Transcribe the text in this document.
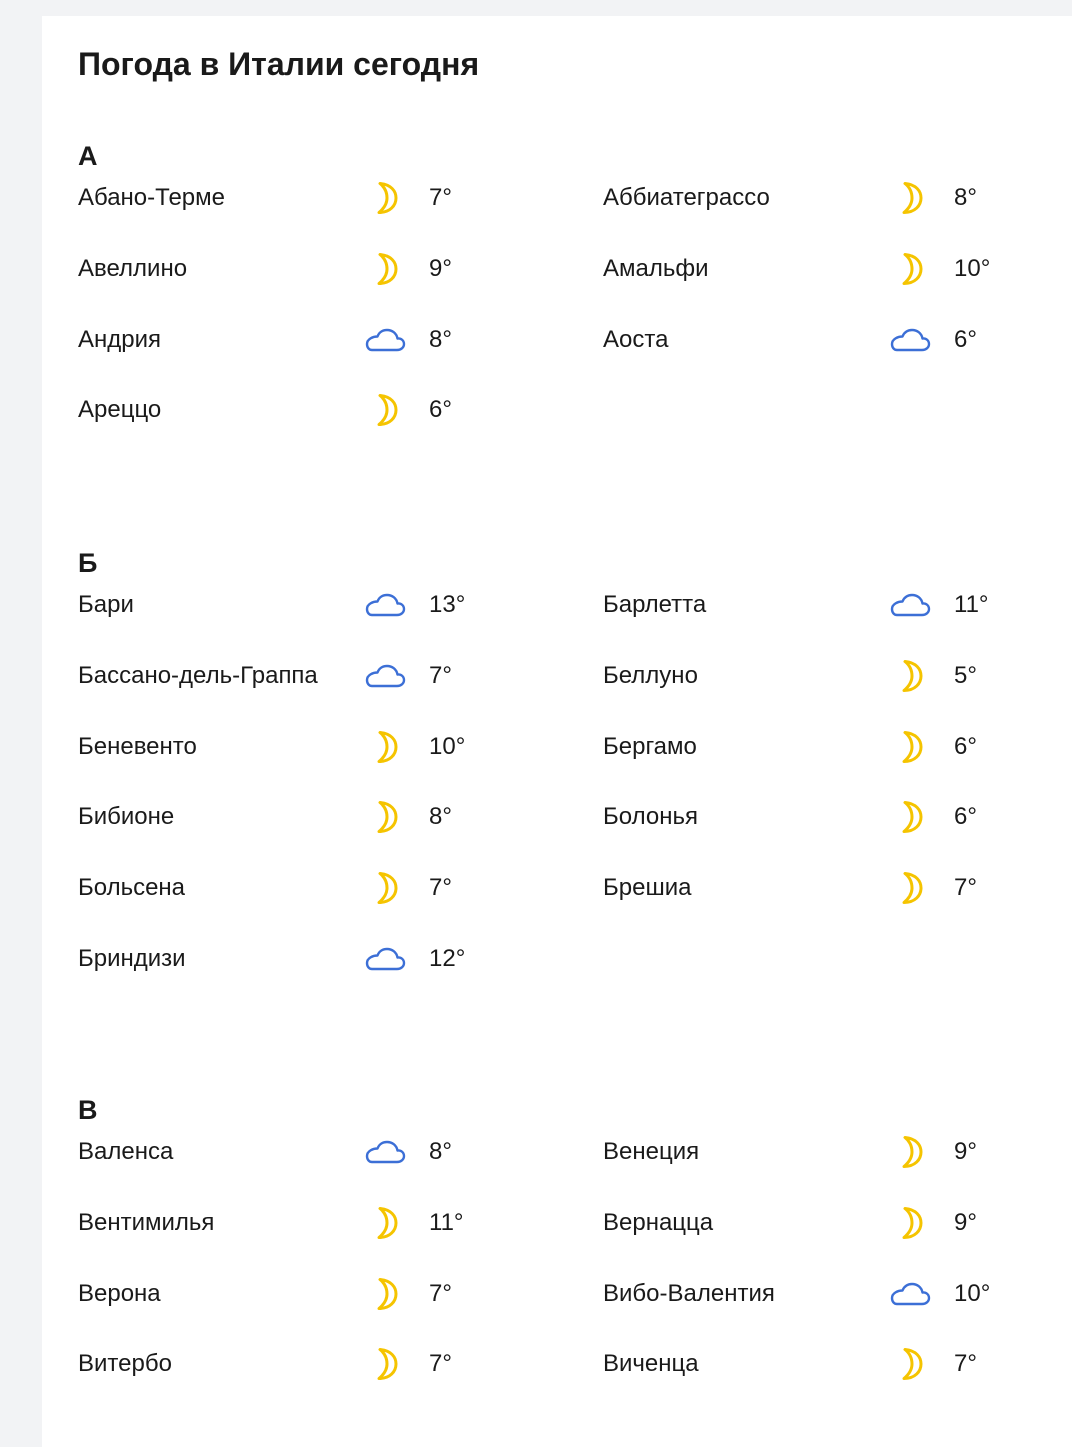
Погода в Италии сегодня
А
Абано-Терме	7°	Аббиатеграссо	8°
Авеллино	9°	Амальфи	10°
Андрия	8°	Аоста	6°
Ареццо	6°
Б
Бари	13°	Барлетта	11°
Бассано-дель-Граппа	7°	Беллуно	5°
Беневенто	10°	Бергамо	6°
Бибионе	8°	Болонья	6°
Больсена	7°	Брешиа	7°
Бриндизи	12°
В
Валенса	8°	Венеция	9°
Вентимилья	11°	Вернацца	9°
Верона	7°	Вибо-Валентия	10°
Витербо	7°	Виченца	7°
